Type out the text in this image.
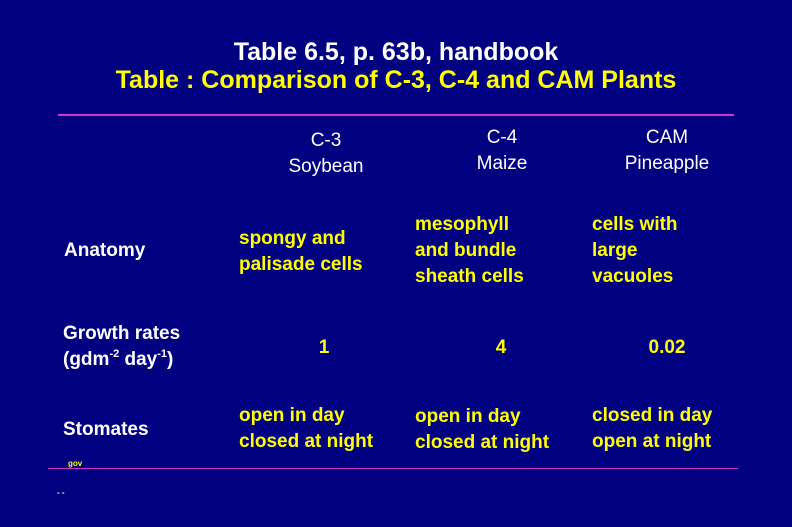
Table 6.5, p. 63b, handbook
Table : Comparison of C-3, C-4 and CAM Plants
C-3
Soybean
C-4
Maize
CAM
Pineapple
Anatomy
spongy and
palisade cells
mesophyll
and bundle
sheath cells
cells with
large
vacuoles
Growth rates
(gdm$^{-2}$ day$^{-1}$)
1	4	0.02
Stomates
open in day
closed at night
open in day
closed at night
closed in day
open at night
gov
- -
